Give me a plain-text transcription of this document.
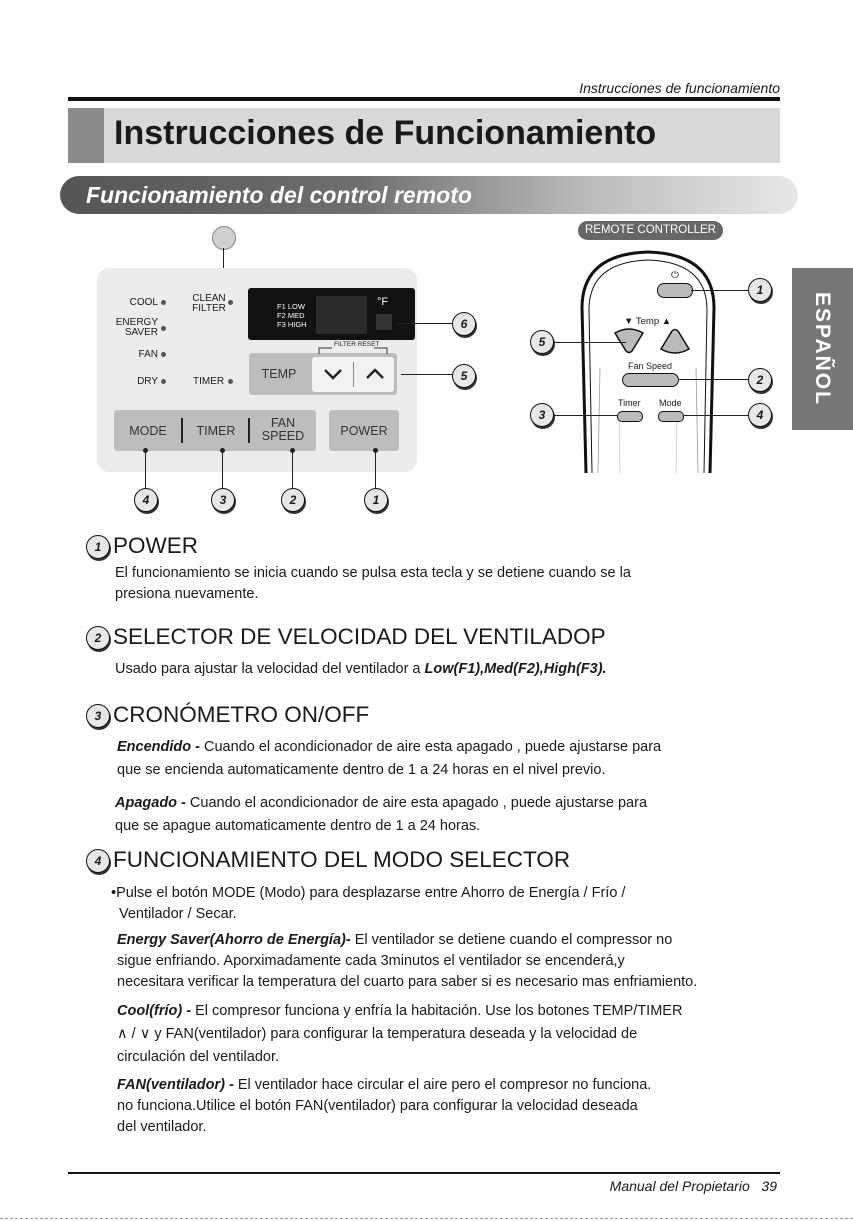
Instrucciones de funcionamiento
Instrucciones de Funcionamiento
Funcionamiento del control remoto
ESPAÑOL
COOL
ENERGY
SAVER
FAN
DRY
CLEAN
FILTER
TIMER
F1 LOW
F2 MED
F3 HIGH
°F
TEMP
FILTER RESET
MODE	TIMER
FAN
SPEED	POWER
4	3	2	1
6
5
REMOTE CONTROLLER
⏻
▼ Temp ▲
Fan Speed
Timer Mode
1
5
2
3	4
1 POWER
El funcionamiento se inicia cuando se pulsa esta tecla y se detiene cuando se la
presiona nuevamente.
2 SELECTOR DE VELOCIDAD DEL VENTILADOP
Usado para ajustar la velocidad del ventilador a Low(F1),Med(F2),High(F3).
3 CRONÓMETRO ON/OFF
Encendido - Cuando el acondicionador de aire esta apagado , puede ajustarse para
que se encienda automaticamente dentro de 1 a 24 horas en el nivel previo.
Apagado - Cuando el acondicionador de aire esta apagado , puede ajustarse para
que se apague automaticamente dentro de 1 a 24 horas.
4 FUNCIONAMIENTO DEL MODO SELECTOR
•Pulse el botón MODE (Modo) para desplazarse entre Ahorro de Energía / Frío /
Ventilador / Secar.
Energy Saver(Ahorro de Energía)- El ventilador se detiene cuando el compressor no
sigue enfriando. Aporximadamente cada 3minutos el ventilador se encenderá,y
necesitara verificar la temperatura del cuarto para saber si es necesario mas enfriamiento.
Cool(frío) - El compresor funciona y enfría la habitación. Use los botones TEMP/TIMER
∧ / ∨ y FAN(ventilador) para configurar la temperatura deseada y la velocidad de
circulación del ventilador.
FAN(ventilador) - El ventilador hace circular el aire pero el compresor no funciona.
no funciona.Utilice el botón FAN(ventilador) para configurar la velocidad deseada
del ventilador.
Manual del Propietario 39
